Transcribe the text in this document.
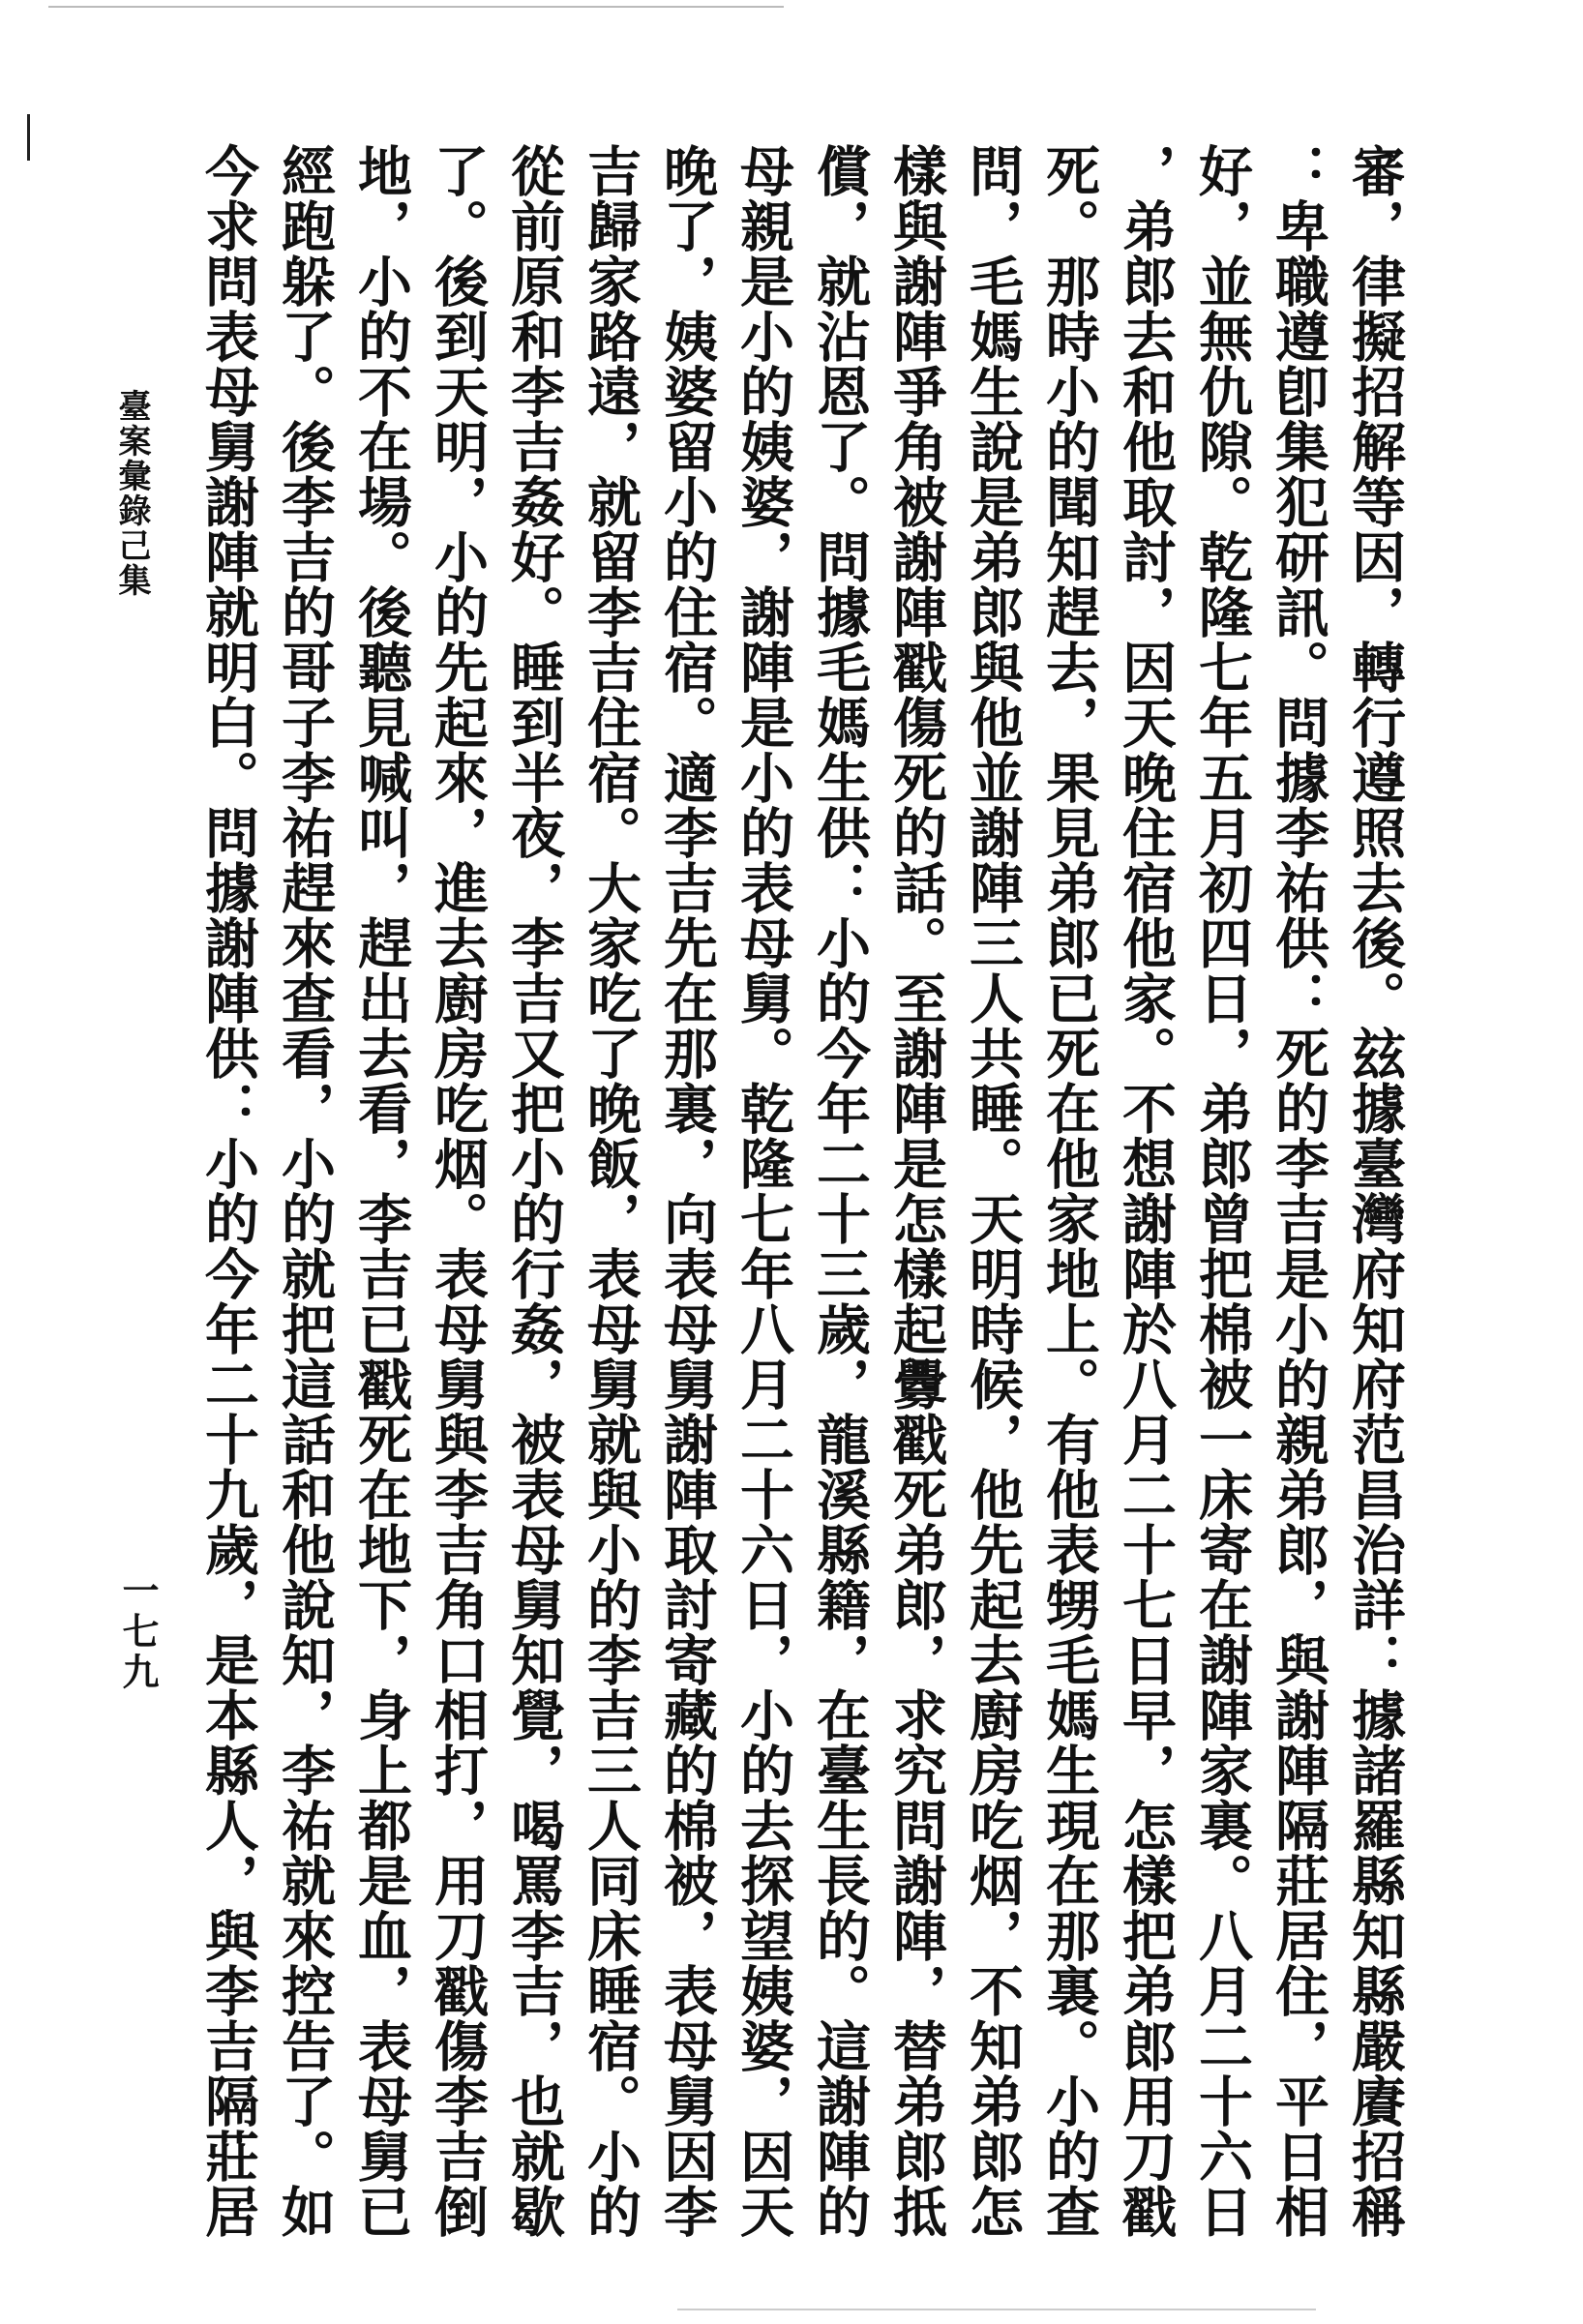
審，律擬招解等因，轉行遵照去後。玆據臺灣府知府范昌治詳：據諸羅縣知縣嚴賡招稱
：卑職遵卽集犯研訊。問據李祐供：死的李吉是小的親弟郎，與謝陣隔莊居住，平日相
好，並無仇隙。乾隆七年五月初四日，弟郎曾把棉被一床寄在謝陣家裏。八月二十六日
，弟郎去和他取討，因天晚住宿他家。不想謝陣於八月二十七日早，怎樣把弟郎用刀戳
死。那時小的聞知趕去，果見弟郎已死在他家地上。有他表甥毛媽生現在那裏。小的查
問，毛媽生說是弟郎與他並謝陣三人共睡。天明時候，他先起去廚房吃烟，不知弟郎怎
樣與謝陣爭角被謝陣戳傷死的話。至謝陣是怎樣起釁戳死弟郎，求究問謝陣，替弟郎抵
償，就沾恩了。問據毛媽生供：小的今年二十三歲，龍溪縣籍，在臺生長的。這謝陣的
母親是小的姨婆，謝陣是小的表母舅。乾隆七年八月二十六日，小的去探望姨婆，因天
晚了，姨婆留小的住宿。適李吉先在那裏，向表母舅謝陣取討寄藏的棉被，表母舅因李
吉歸家路遠，就留李吉住宿。大家吃了晚飯，表母舅就與小的李吉三人同床睡宿。小的
從前原和李吉姦好。睡到半夜，李吉又把小的行姦，被表母舅知覺，喝罵李吉，也就歇
了。後到天明，小的先起來，進去廚房吃烟。表母舅與李吉角口相打，用刀戳傷李吉倒
地，小的不在場。後聽見喊叫，趕出去看，李吉已戳死在地下，身上都是血，表母舅已
經跑躲了。後李吉的哥子李祐趕來查看，小的就把這話和他說知，李祐就來控告了。如
今求問表母舅謝陣就明白。問據謝陣供：小的今年二十九歲，是本縣人，與李吉隔莊居
臺案彙錄己集
一七九
